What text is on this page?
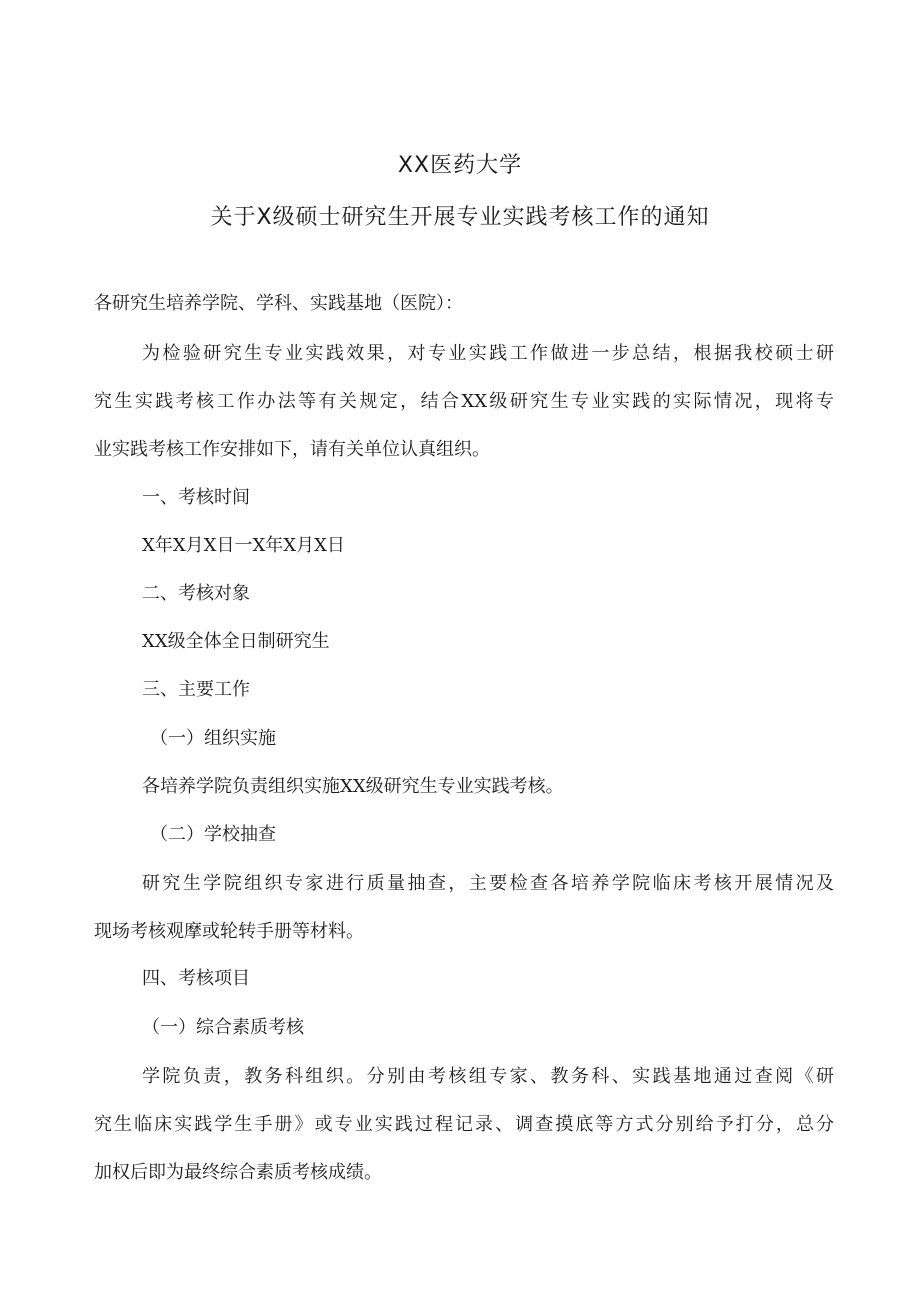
XX医药大学
关于X级硕士研究生开展专业实践考核工作的通知
各研究生培养学院、学科、实践基地（医院）：
为检验研究生专业实践效果，对专业实践工作做进一步总结，根据我校硕士研
究生实践考核工作办法等有关规定，结合XX级研究生专业实践的实际情况，现将专
业实践考核工作安排如下，请有关单位认真组织。
一、考核时间
X年X月X日一X年X月X日
二、考核对象
XX级全体全日制研究生
三、主要工作
（一）组织实施
各培养学院负责组织实施XX级研究生专业实践考核。
（二）学校抽查
研究生学院组织专家进行质量抽查，主要检查各培养学院临床考核开展情况及
现场考核观摩或轮转手册等材料。
四、考核项目
（一）综合素质考核
学院负责，教务科组织。分别由考核组专家、教务科、实践基地通过查阅《研
究生临床实践学生手册》或专业实践过程记录、调查摸底等方式分别给予打分，总分
加权后即为最终综合素质考核成绩。
